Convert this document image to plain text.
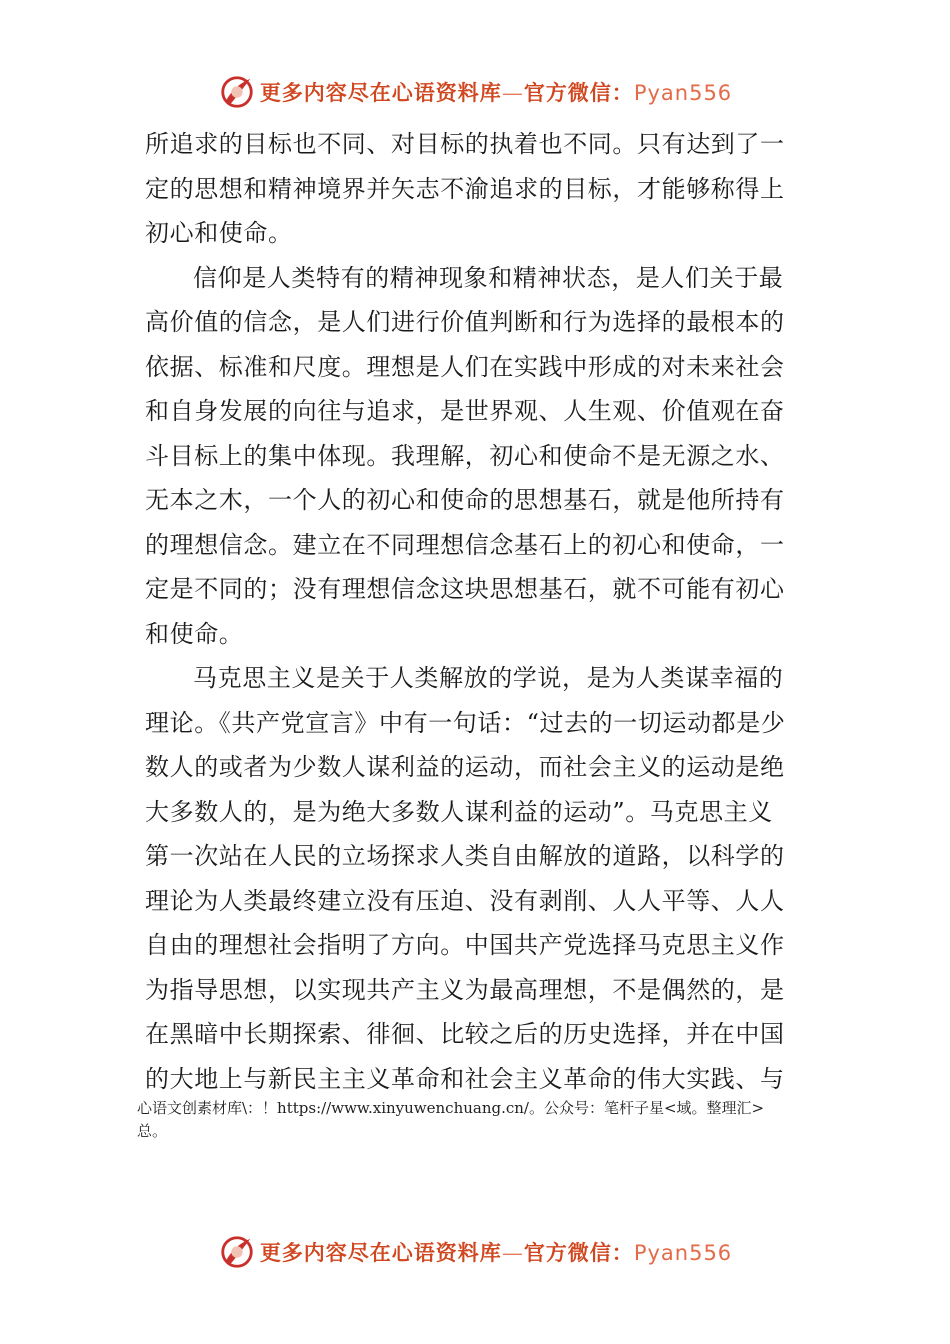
更多内容尽在心语资料库—官方微信：Pyan556
所追求的目标也不同、对目标的执着也不同。只有达到了一
定的思想和精神境界并矢志不渝追求的目标，才能够称得上
初心和使命。
信仰是人类特有的精神现象和精神状态，是人们关于最
高价值的信念，是人们进行价值判断和行为选择的最根本的
依据、标准和尺度。理想是人们在实践中形成的对未来社会
和自身发展的向往与追求，是世界观、人生观、价值观在奋
斗目标上的集中体现。我理解，初心和使命不是无源之水、
无本之木，一个人的初心和使命的思想基石，就是他所持有
的理想信念。建立在不同理想信念基石上的初心和使命，一
定是不同的；没有理想信念这块思想基石，就不可能有初心
和使命。
马克思主义是关于人类解放的学说，是为人类谋幸福的
理论。《共产党宣言》中有一句话：“过去的一切运动都是少
数人的或者为少数人谋利益的运动，而社会主义的运动是绝
大多数人的，是为绝大多数人谋利益的运动”。马克思主义
第一次站在人民的立场探求人类自由解放的道路，以科学的
理论为人类最终建立没有压迫、没有剥削、人人平等、人人
自由的理想社会指明了方向。中国共产党选择马克思主义作
为指导思想，以实现共产主义为最高理想，不是偶然的，是
在黑暗中长期探索、徘徊、比较之后的历史选择，并在中国
的大地上与新民主主义革命和社会主义革命的伟大实践、与
心语文创素材库\：！https://www.xinyuwenchuang.cn/。公众号：笔杆子星<域。整理汇>
总。
更多内容尽在心语资料库—官方微信：Pyan556
